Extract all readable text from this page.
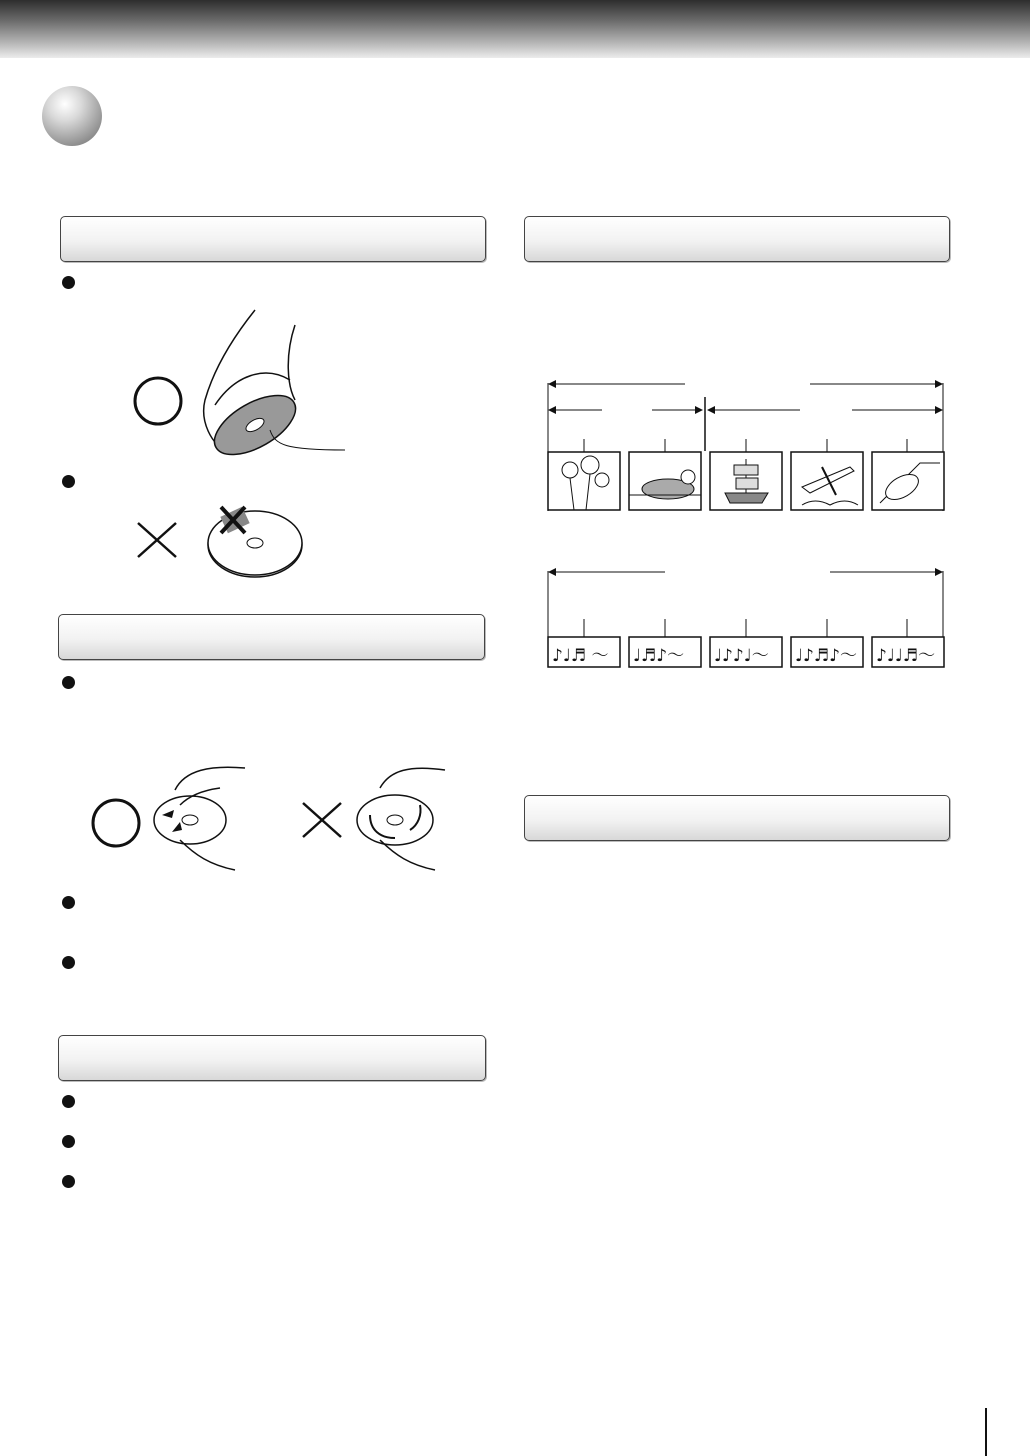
♪♩♬ ～ ♩♬♪～ ♩♪♪♩～ ♩♪♬♪～ ♪♩♩♬～
